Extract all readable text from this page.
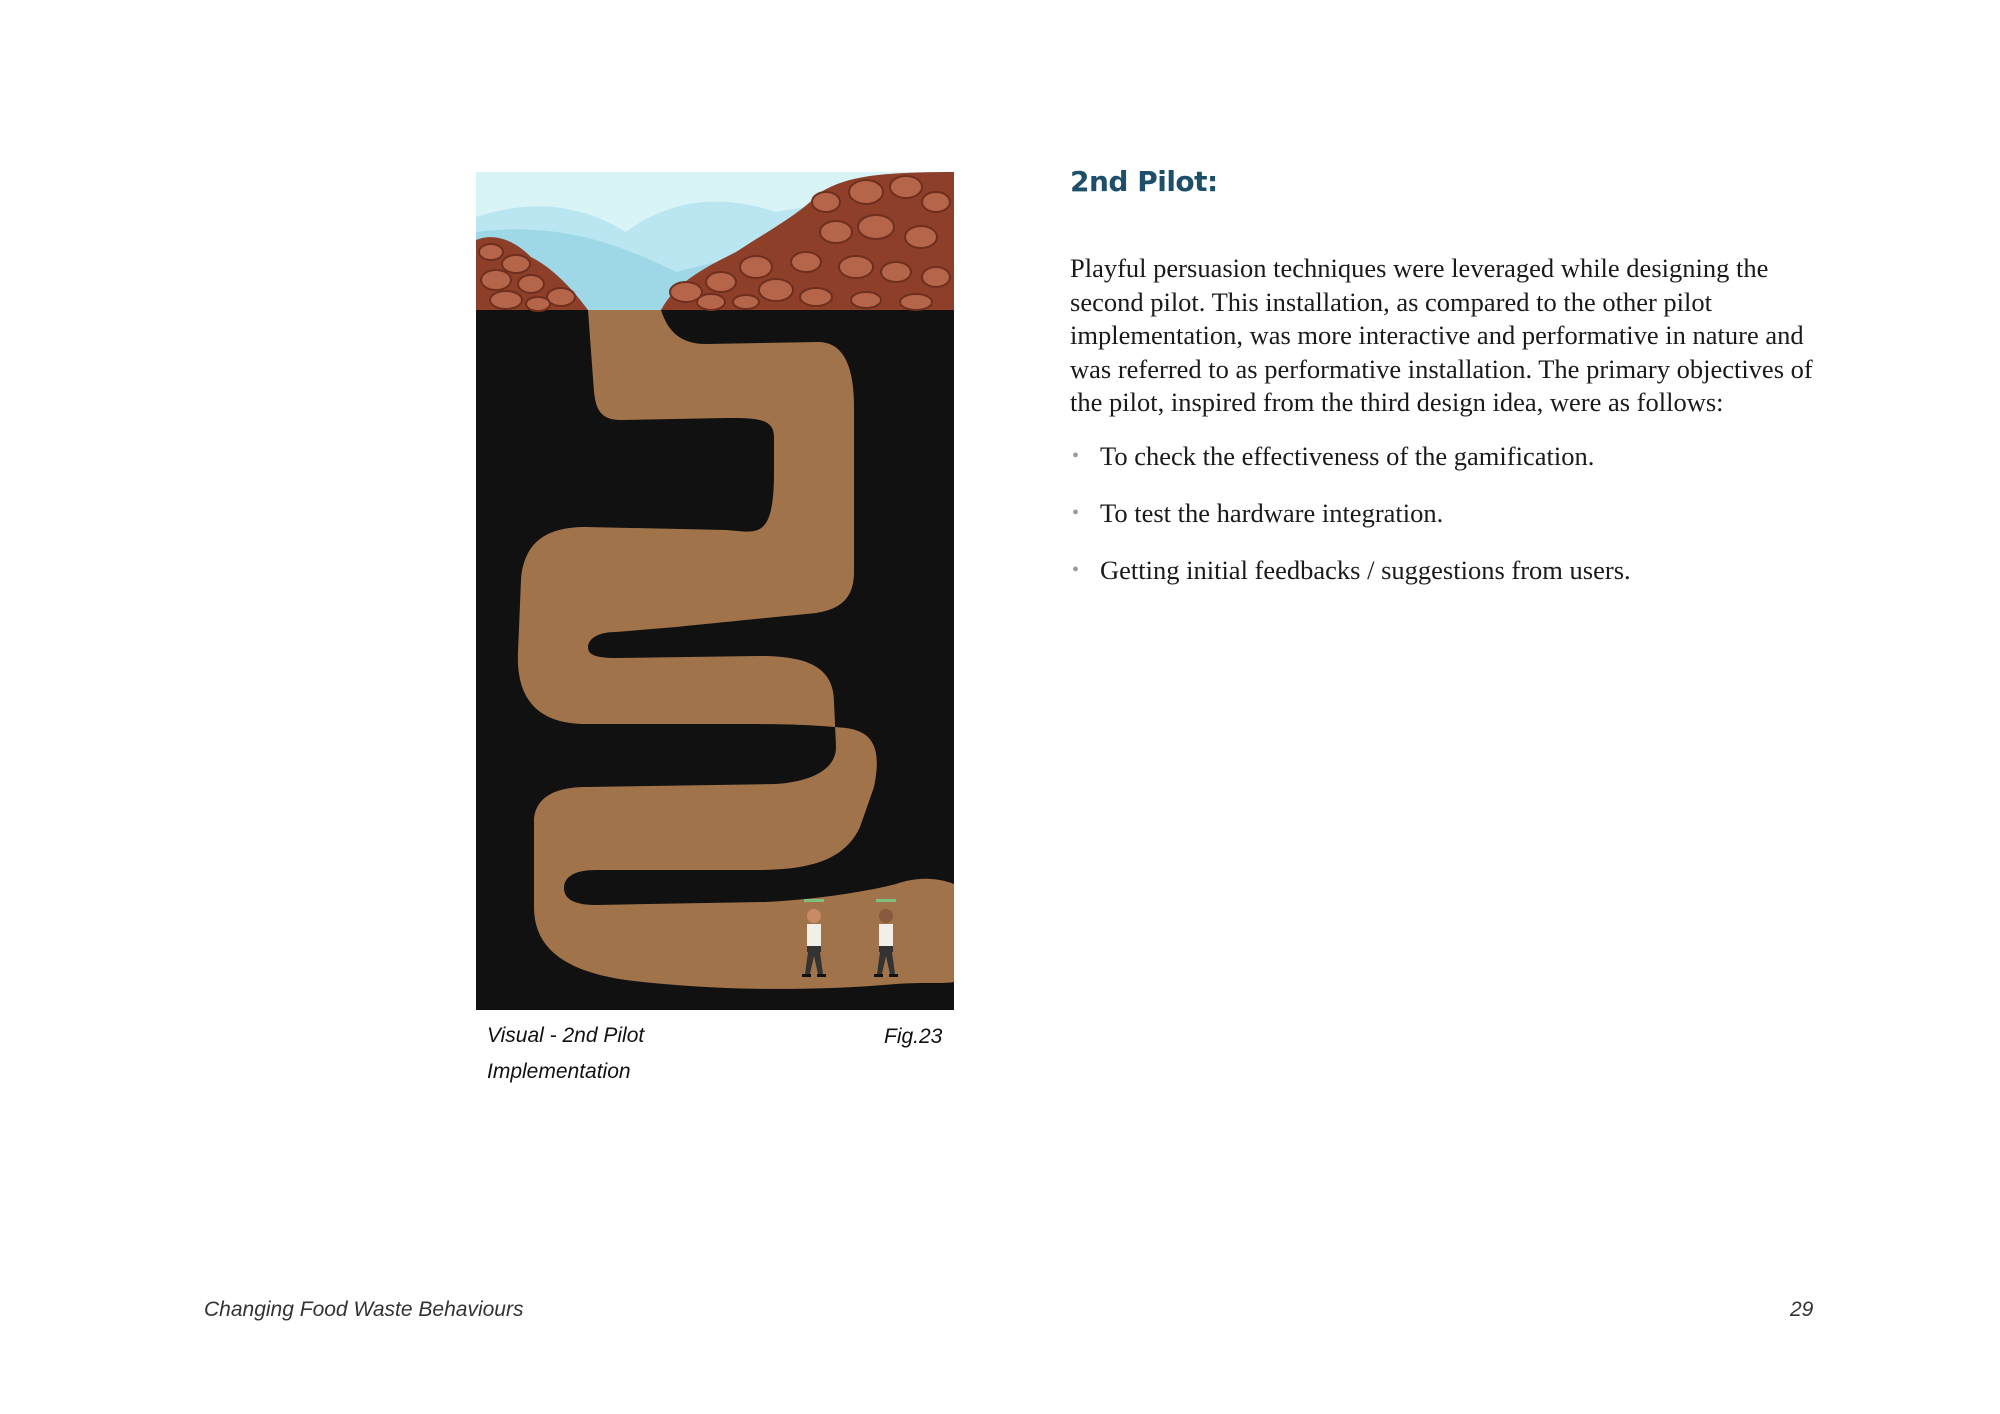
Visual - 2nd Pilot Implementation
Fig.23
2nd Pilot:
Playful persuasion techniques were leveraged while designing the second pilot. This installation, as compared to the other pilot implementation, was more interactive and performative in nature and was referred to as performative installation. The primary objectives of the pilot, inspired from the third design idea, were as follows:
• To check the effectiveness of the gamification.
• To test the hardware integration.
• Getting initial feedbacks / suggestions from users.
Changing Food Waste Behaviours	29
